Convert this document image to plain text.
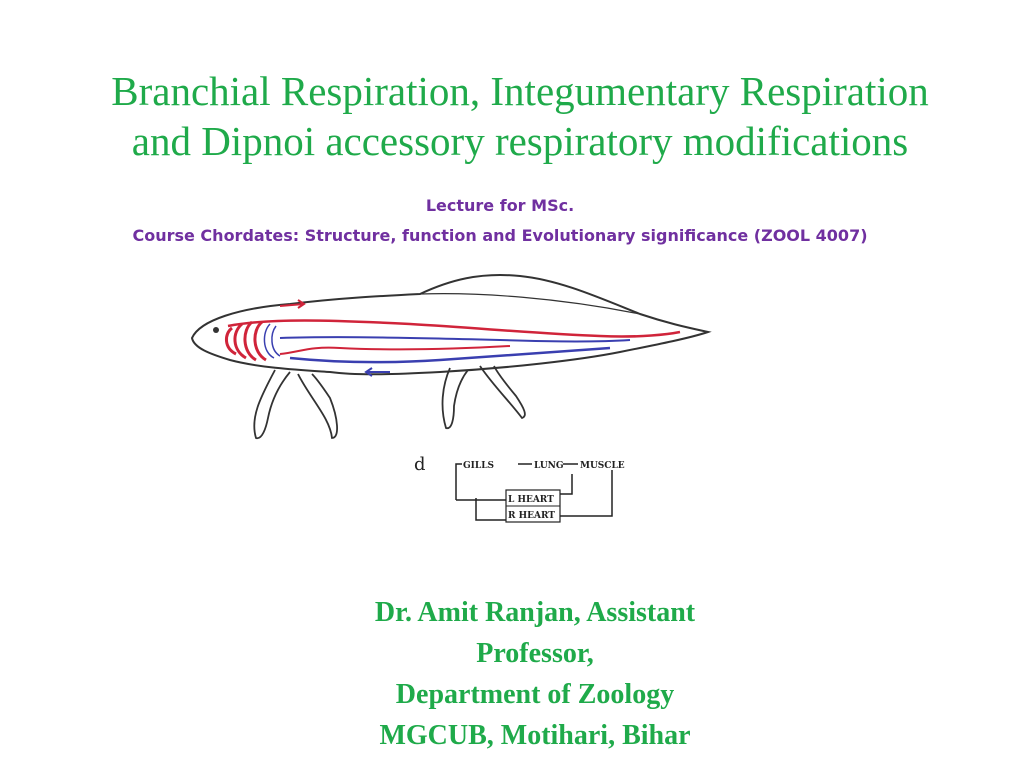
Branchial Respiration, Integumentary Respiration
and Dipnoi accessory respiratory modifications
Lecture for MSc.
Course Chordates: Structure, function and Evolutionary significance (ZOOL 4007)
d	GILLS	LUNG MUSCLE
L HEART
R HEART
Dr. Amit Ranjan, Assistant
Professor,
Department of Zoology
MGCUB, Motihari, Bihar
